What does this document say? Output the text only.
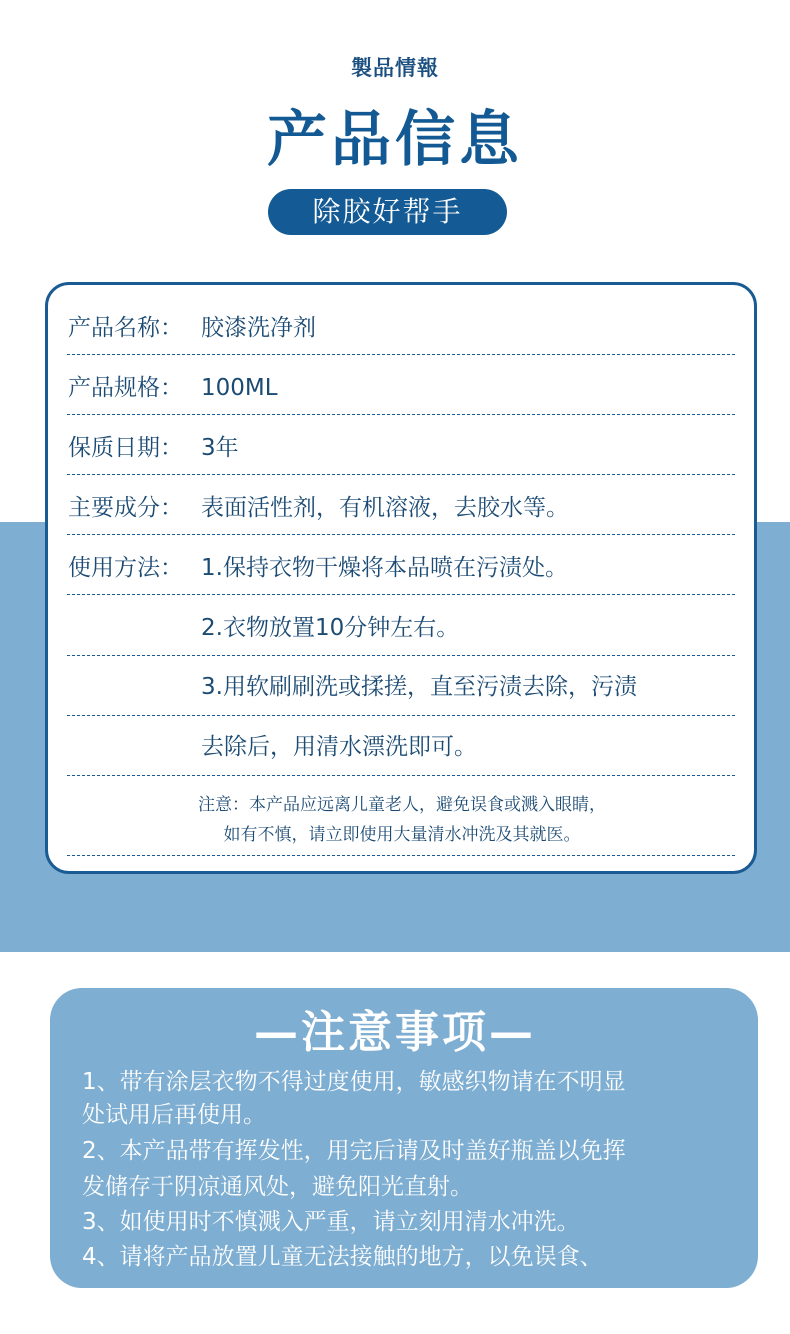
製品情報
产品信息
除胶好帮手
产品名称： 胶漆洗净剂
产品规格： 100ML
保质日期： 3年
主要成分： 表面活性剂，有机溶液，去胶水等。
使用方法： 1.保持衣物干燥将本品喷在污渍处。
2.衣物放置10分钟左右。
3.用软刷刷洗或揉搓，直至污渍去除，污渍
去除后，用清水漂洗即可。
注意：本产品应远离儿童老人，避免误食或溅入眼睛，
如有不慎，请立即使用大量清水冲洗及其就医。
—注意事项—
1、带有涂层衣物不得过度使用，敏感织物请在不明显
处试用后再使用。
2、本产品带有挥发性，用完后请及时盖好瓶盖以免挥
发储存于阴凉通风处，避免阳光直射。
3、如使用时不慎溅入严重，请立刻用清水冲洗。
4、请将产品放置儿童无法接触的地方，以免误食、
